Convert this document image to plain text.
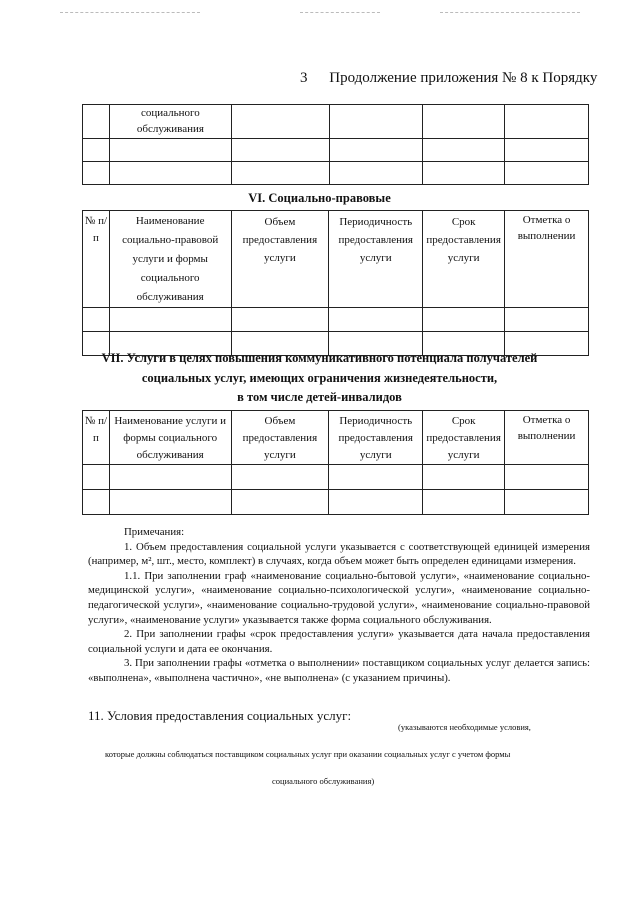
3 Продолжение приложения № 8 к Порядку
	социального обслуживания				

VI. Социально-правовые
№ п/п	Наименование социально-правовой услуги и формы социального обслуживания	Объем предоставления услуги	Периодичность предоставления услуги	Срок предоставления услуги	Отметка о выполнении

VII. Услуги в целях повышения коммуникативного потенциала получателей
социальных услуг, имеющих ограничения жизнедеятельности,
в том числе детей-инвалидов
№ п/п	Наименование услуги и формы социального обслуживания	Объем предоставления услуги	Периодичность предоставления услуги	Срок предоставления услуги	Отметка о выполнении

Примечания:

1. Объем предоставления социальной услуги указывается с соответствующей единицей измерения (например, м², шт., место, комплект) в случаях, когда объем может быть определен единицами измерения.

1.1. При заполнении граф «наименование социально-бытовой услуги», «наименование социально-медицинской услуги», «наименование социально-психологической услуги», «наименование социально-педагогической услуги», «наименование социально-трудовой услуги», «наименование социально-правовой услуги», «наименование услуги» указывается также форма социального обслуживания.

2. При заполнении графы «срок предоставления услуги» указывается дата начала предоставления социальной услуги и дата ее окончания.

3. При заполнении графы «отметка о выполнении» поставщиком социальных услуг делается запись: «выполнена», «выполнена частично», «не выполнена» (с указанием причины).

11. Условия предоставления социальных услуг:
(указываются необходимые условия,
которые должны соблюдаться поставщиком социальных услуг при оказании социальных услуг с учетом формы
социального обслуживания)
